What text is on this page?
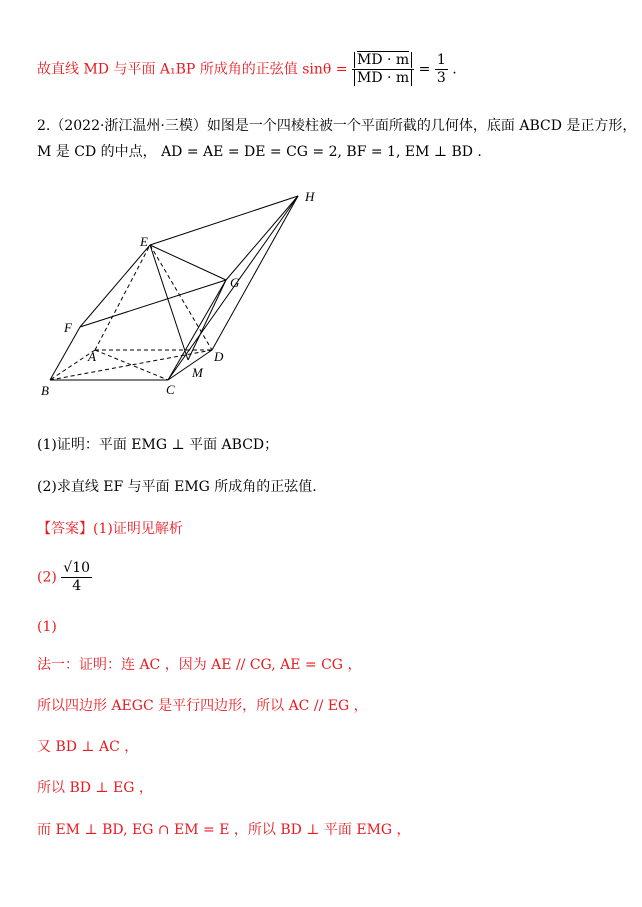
故直线 MD 与平面 A₁BP 所成角的正弦值 $\sin\theta = \frac{MD \cdot m}{MD \cdot m} = \frac{1}{3}$ .
2.（2022·浙江温州·三模）如图是一个四棱柱被一个平面所截的几何体，底面 ABCD 是正方形，
M 是 CD 的中点， AD = AE = DE = CG = 2, BF = 1, EM ⊥ BD .
H
E
G
F
A	D
M
B	C
(1)证明：平面 EMG ⊥ 平面 ABCD；
(2)求直线 EF 与平面 EMG 所成角的正弦值.
【答案】(1)证明见解析
$(2) \frac{√10}{4}$
(1)
法一：证明：连 AC ，因为 AE // CG, AE = CG ，
所以四边形 AEGC 是平行四边形，所以 AC // EG ，
又 BD ⊥ AC ，
所以 BD ⊥ EG ，
而 EM ⊥ BD, EG ∩ EM = E ，所以 BD ⊥ 平面 EMG ，
